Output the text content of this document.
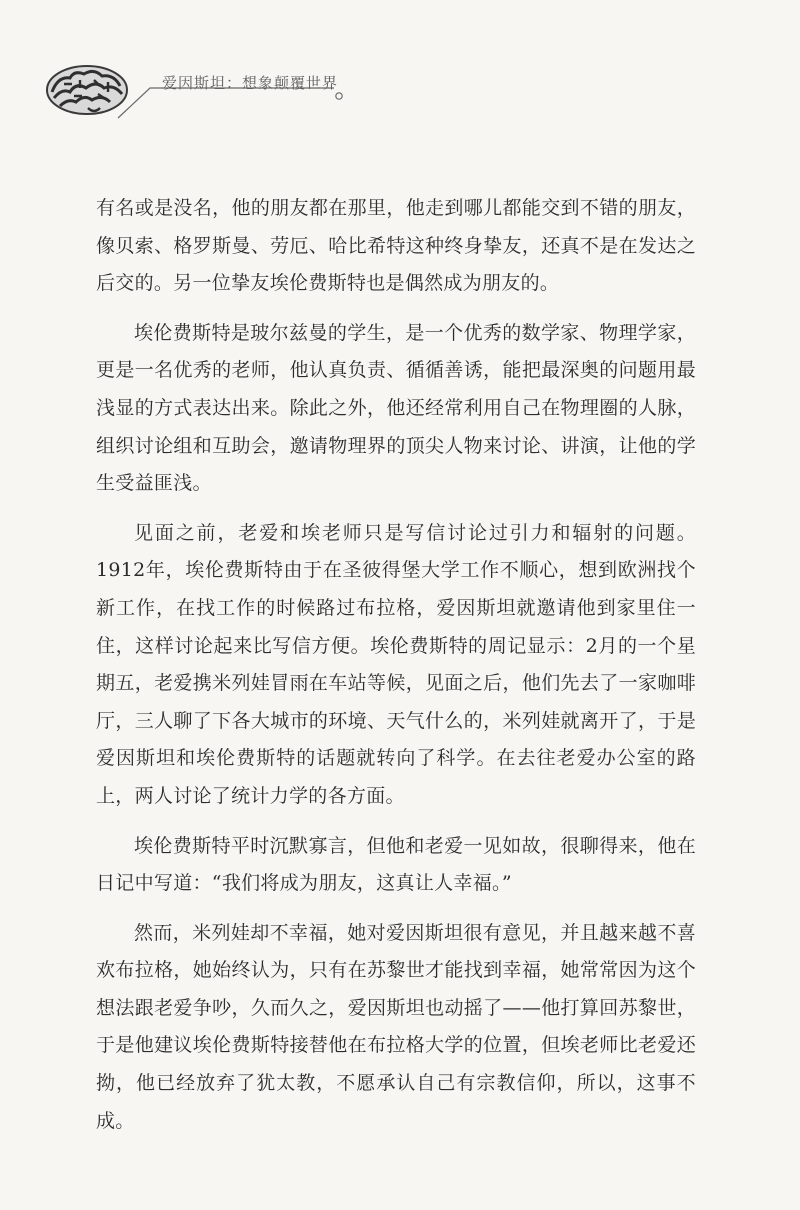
爱因斯坦：想象颠覆世界

有名或是没名，他的朋友都在那里，他走到哪儿都能交到不错的朋友，像贝索、格罗斯曼、劳厄、哈比希特这种终身挚友，还真不是在发达之后交的。另一位挚友埃伦费斯特也是偶然成为朋友的。

埃伦费斯特是玻尔兹曼的学生，是一个优秀的数学家、物理学家，更是一名优秀的老师，他认真负责、循循善诱，能把最深奥的问题用最浅显的方式表达出来。除此之外，他还经常利用自己在物理圈的人脉，组织讨论组和互助会，邀请物理界的顶尖人物来讨论、讲演，让他的学生受益匪浅。

见面之前，老爱和埃老师只是写信讨论过引力和辐射的问题。1912年，埃伦费斯特由于在圣彼得堡大学工作不顺心，想到欧洲找个新工作，在找工作的时候路过布拉格，爱因斯坦就邀请他到家里住一住，这样讨论起来比写信方便。埃伦费斯特的周记显示：2月的一个星期五，老爱携米列娃冒雨在车站等候，见面之后，他们先去了一家咖啡厅，三人聊了下各大城市的环境、天气什么的，米列娃就离开了，于是爱因斯坦和埃伦费斯特的话题就转向了科学。在去往老爱办公室的路上，两人讨论了统计力学的各方面。

埃伦费斯特平时沉默寡言，但他和老爱一见如故，很聊得来，他在日记中写道：“我们将成为朋友，这真让人幸福。”

然而，米列娃却不幸福，她对爱因斯坦很有意见，并且越来越不喜欢布拉格，她始终认为，只有在苏黎世才能找到幸福，她常常因为这个想法跟老爱争吵，久而久之，爱因斯坦也动摇了——他打算回苏黎世，于是他建议埃伦费斯特接替他在布拉格大学的位置，但埃老师比老爱还拗，他已经放弃了犹太教，不愿承认自己有宗教信仰，所以，这事不成。
